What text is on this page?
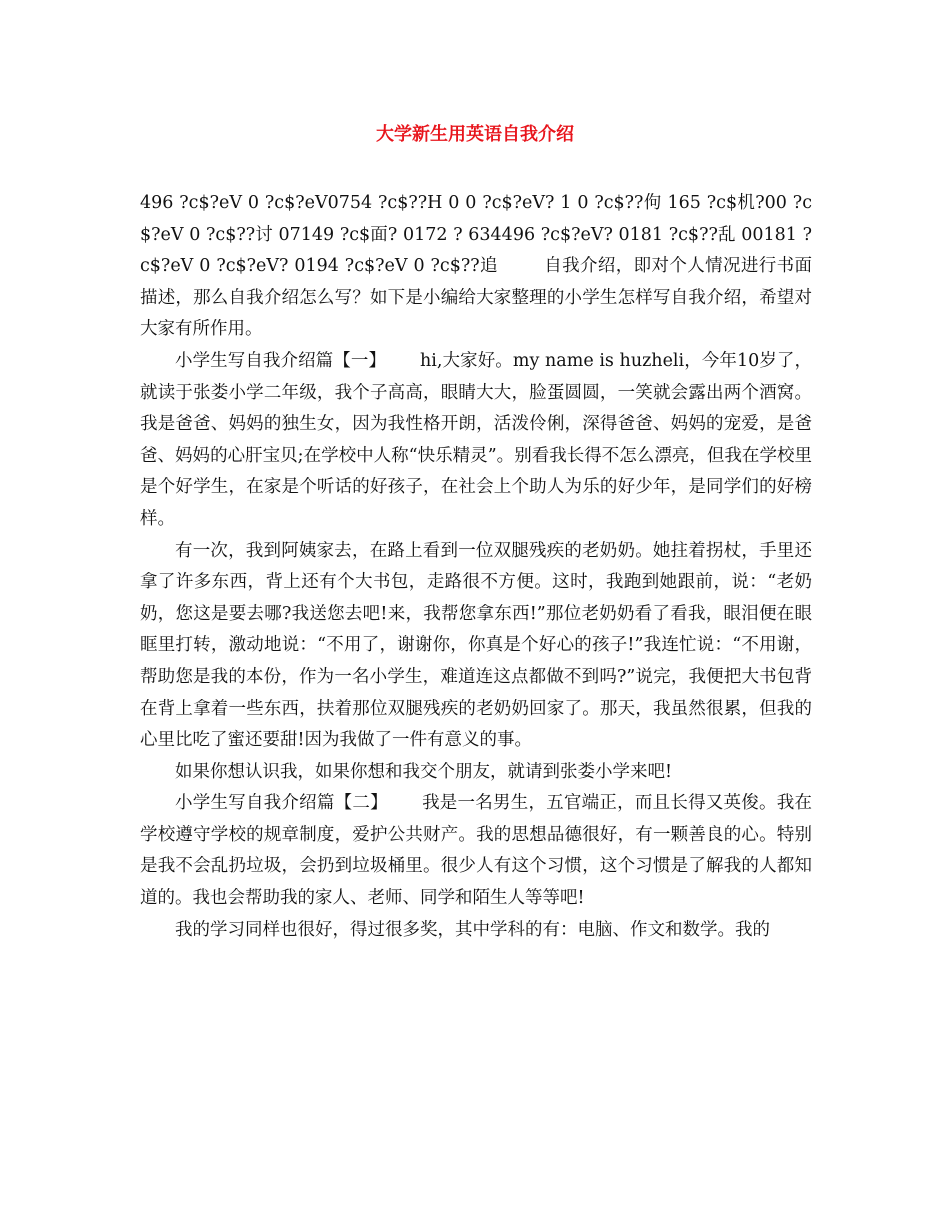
大学新生用英语自我介绍

496 ?c$?eV 0 ?c$?eV0754 ?c$??H 0 0 ?c$?eV? 1 0 ?c$??佝 165 ?c$机?00 ?c$?eV 0 ?c$??讨 07149 ?c$面? 0172 ? 634496 ?c$?eV? 0181 ?c$??乱 00181 ?c$?eV 0 ?c$?eV? 0194 ?c$?eV 0 ?c$??追	自我介绍，即对个人情况进行书面描述，那么自我介绍怎么写？如下是小编给大家整理的小学生怎样写自我介绍，希望对大家有所作用。

小学生写自我介绍篇【一】 hi,大家好。my name is huzheli，今年10岁了，就读于张娄小学二年级，我个子高高，眼睛大大，脸蛋圆圆，一笑就会露出两个酒窝。我是爸爸、妈妈的独生女，因为我性格开朗，活泼伶俐，深得爸爸、妈妈的宠爱，是爸爸、妈妈的心肝宝贝;在学校中人称“快乐精灵”。别看我长得不怎么漂亮，但我在学校里是个好学生，在家是个听话的好孩子，在社会上个助人为乐的好少年，是同学们的好榜样。

有一次，我到阿姨家去，在路上看到一位双腿残疾的老奶奶。她拄着拐杖，手里还拿了许多东西，背上还有个大书包，走路很不方便。这时，我跑到她跟前，说：“老奶奶，您这是要去哪?我送您去吧!来，我帮您拿东西!”那位老奶奶看了看我，眼泪便在眼眶里打转，激动地说：“不用了，谢谢你，你真是个好心的孩子!”我连忙说：“不用谢，帮助您是我的本份，作为一名小学生，难道连这点都做不到吗?”说完，我便把大书包背在背上拿着一些东西，扶着那位双腿残疾的老奶奶回家了。那天，我虽然很累，但我的心里比吃了蜜还要甜!因为我做了一件有意义的事。

如果你想认识我，如果你想和我交个朋友，就请到张娄小学来吧!

小学生写自我介绍篇【二】 我是一名男生，五官端正，而且长得又英俊。我在学校遵守学校的规章制度，爱护公共财产。我的思想品德很好，有一颗善良的心。特别是我不会乱扔垃圾，会扔到垃圾桶里。很少人有这个习惯，这个习惯是了解我的人都知道的。我也会帮助我的家人、老师、同学和陌生人等等吧!

我的学习同样也很好，得过很多奖，其中学科的有：电脑、作文和数学。我的
